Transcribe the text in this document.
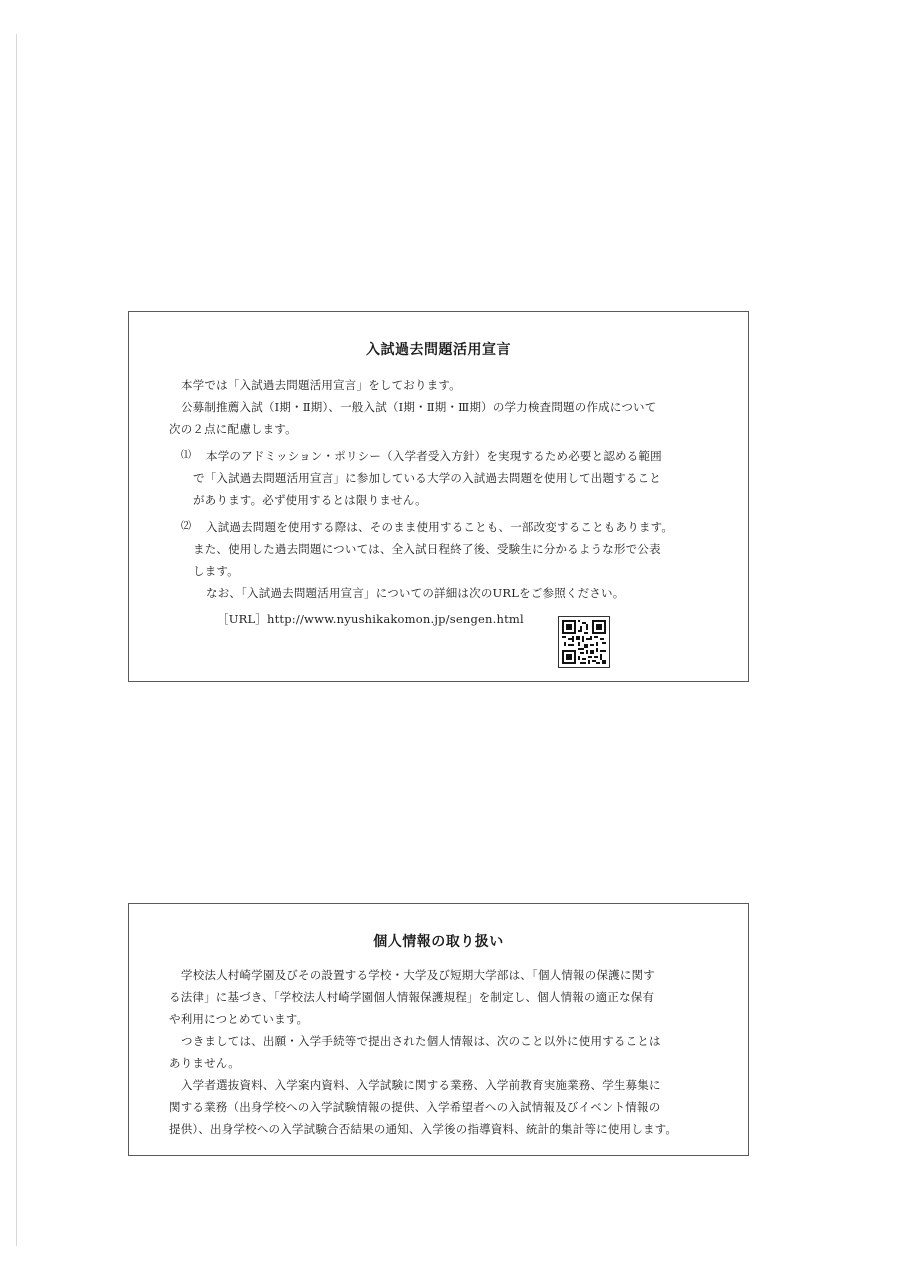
入試過去問題活用宣言
本学では「入試過去問題活用宣言」をしております。
公募制推薦入試（Ⅰ期・Ⅱ期）、一般入試（Ⅰ期・Ⅱ期・Ⅲ期）の学力検査問題の作成について
次の２点に配慮します。
⑴ 本学のアドミッション・ポリシー（入学者受入方針）を実現するため必要と認める範囲
で「入試過去問題活用宣言」に参加している大学の入試過去問題を使用して出題すること
があります。必ず使用するとは限りません。
⑵ 入試過去問題を使用する際は、そのまま使用することも、一部改変することもあります。
また、使用した過去問題については、全入試日程終了後、受験生に分かるような形で公表
します。
なお、「入試過去問題活用宣言」についての詳細は次のURLをご参照ください。
［URL］http://www.nyushikakomon.jp/sengen.html
個人情報の取り扱い
学校法人村崎学園及びその設置する学校・大学及び短期大学部は、「個人情報の保護に関す
る法律」に基づき、「学校法人村崎学園個人情報保護規程」を制定し、個人情報の適正な保有
や利用につとめています。
つきましては、出願・入学手続等で提出された個人情報は、次のこと以外に使用することは
ありません。
入学者選抜資料、入学案内資料、入学試験に関する業務、入学前教育実施業務、学生募集に
関する業務（出身学校への入学試験情報の提供、入学希望者への入試情報及びイベント情報の
提供）、出身学校への入学試験合否結果の通知、入学後の指導資料、統計的集計等に使用します。
